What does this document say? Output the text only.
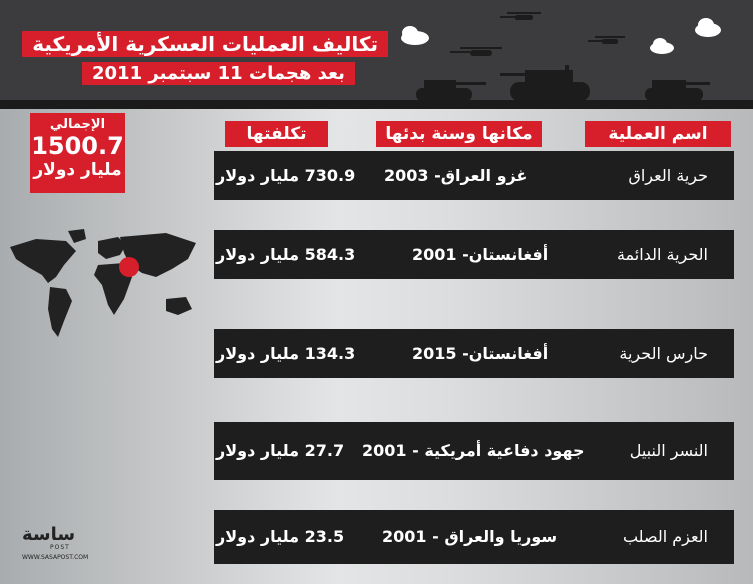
تكاليف العمليات العسكرية الأمريكية
بعد هجمات 11 سبتمبر 2011
الإجمالي
1500.7
مليار دولار
اسم العملية
مكانها وسنة بدئها
تكلفتها
حرية العراق
غزو العراق- 2003
730.9 مليار دولار
الحرية الدائمة
أفغانستان- 2001
584.3 مليار دولار
حارس الحرية
أفغانستان- 2015
134.3 مليار دولار
النسر النبيل
جهود دفاعية أمريكية - 2001
27.7 مليار دولار
العزم الصلب
سوريا والعراق - 2001
23.5 مليار دولار
ساسة
POST
WWW.SASAPOST.COM
